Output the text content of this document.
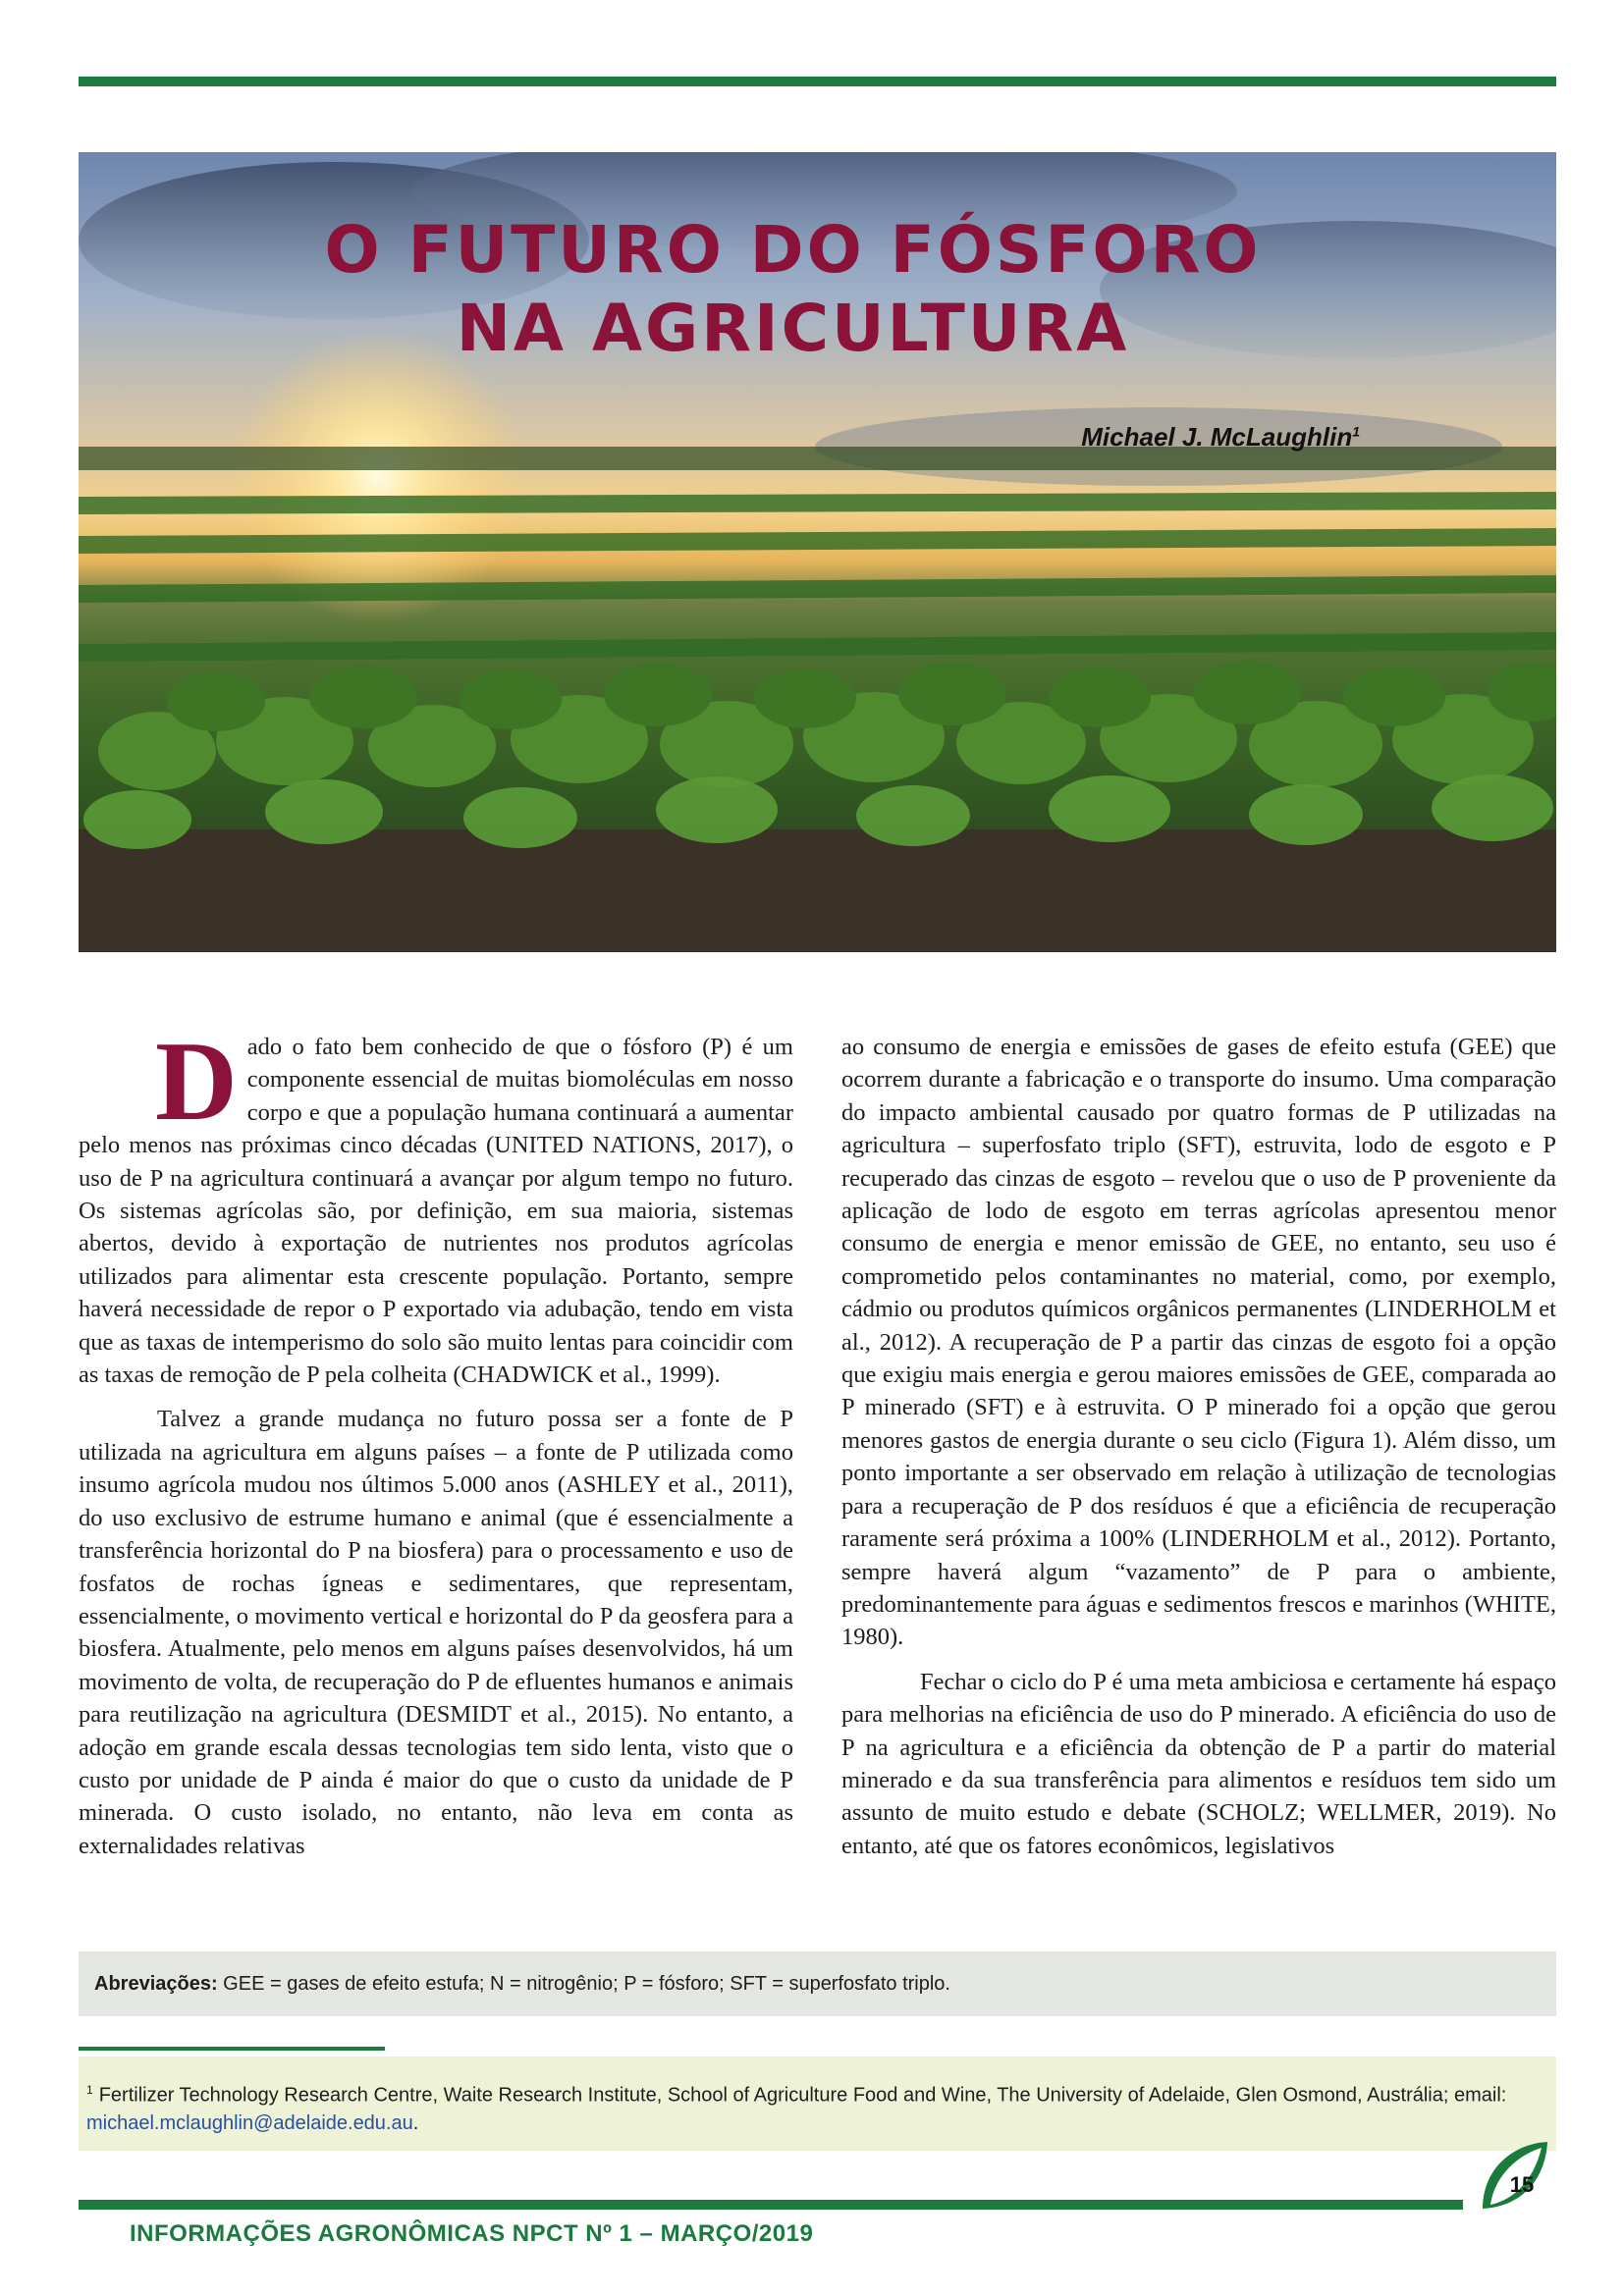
O FUTURO DO FÓSFORO
NA AGRICULTURA
Michael J. McLaughlin$^1$

Dado o fato bem conhecido de que o fósforo (P) é um componente essencial de muitas biomoléculas em nosso corpo e que a população humana continuará a aumentar pelo menos nas próximas cinco décadas (UNITED NATIONS, 2017), o uso de P na agricultura continuará a avançar por algum tempo no futuro. Os sistemas agrícolas são, por definição, em sua maioria, sistemas abertos, devido à exportação de nutrientes nos produtos agrícolas utilizados para alimentar esta crescente população. Portanto, sempre haverá necessidade de repor o P exportado via adubação, tendo em vista que as taxas de intemperismo do solo são muito lentas para coincidir com as taxas de remoção de P pela colheita (CHADWICK et al., 1999).

Talvez a grande mudança no futuro possa ser a fonte de P utilizada na agricultura em alguns países – a fonte de P utilizada como insumo agrícola mudou nos últimos 5.000 anos (ASHLEY et al., 2011), do uso exclusivo de estrume humano e animal (que é essencialmente a transferência horizontal do P na biosfera) para o processamento e uso de fosfatos de rochas ígneas e sedimentares, que representam, essencialmente, o movimento vertical e horizontal do P da geosfera para a biosfera. Atualmente, pelo menos em alguns países desenvolvidos, há um movimento de volta, de recuperação do P de efluentes humanos e animais para reutilização na agricultura (DESMIDT et al., 2015). No entanto, a adoção em grande escala dessas tecnologias tem sido lenta, visto que o custo por unidade de P ainda é maior do que o custo da unidade de P minerada. O custo isolado, no entanto, não leva em conta as externalidades relativas

ao consumo de energia e emissões de gases de efeito estufa (GEE) que ocorrem durante a fabricação e o transporte do insumo. Uma comparação do impacto ambiental causado por quatro formas de P utilizadas na agricultura – superfosfato triplo (SFT), estruvita, lodo de esgoto e P recuperado das cinzas de esgoto – revelou que o uso de P proveniente da aplicação de lodo de esgoto em terras agrícolas apresentou menor consumo de energia e menor emissão de GEE, no entanto, seu uso é comprometido pelos contaminantes no material, como, por exemplo, cádmio ou produtos químicos orgânicos permanentes (LINDERHOLM et al., 2012). A recuperação de P a partir das cinzas de esgoto foi a opção que exigiu mais energia e gerou maiores emissões de GEE, comparada ao P minerado (SFT) e à estruvita. O P minerado foi a opção que gerou menores gastos de energia durante o seu ciclo (Figura 1). Além disso, um ponto importante a ser observado em relação à utilização de tecnologias para a recuperação de P dos resíduos é que a eficiência de recuperação raramente será próxima a 100% (LINDERHOLM et al., 2012). Portanto, sempre haverá algum “vazamento” de P para o ambiente, predominantemente para águas e sedimentos frescos e marinhos (WHITE, 1980).

Fechar o ciclo do P é uma meta ambiciosa e certamente há espaço para melhorias na eficiência de uso do P minerado. A eficiência do uso de P na agricultura e a eficiência da obtenção de P a partir do material minerado e da sua transferência para alimentos e resíduos tem sido um assunto de muito estudo e debate (SCHOLZ; WELLMER, 2019). No entanto, até que os fatores econômicos, legislativos

Abreviações: GEE = gases de efeito estufa; N = nitrogênio; P = fósforo; SFT = superfosfato triplo.
$^1$ Fertilizer Technology Research Centre, Waite Research Institute, School of Agriculture Food and Wine, The University of Adelaide, Glen Osmond, Austrália; email: michael.mclaughlin@adelaide.edu.au.
15
INFORMAÇÕES AGRONÔMICAS NPCT Nº 1 – MARÇO/2019
